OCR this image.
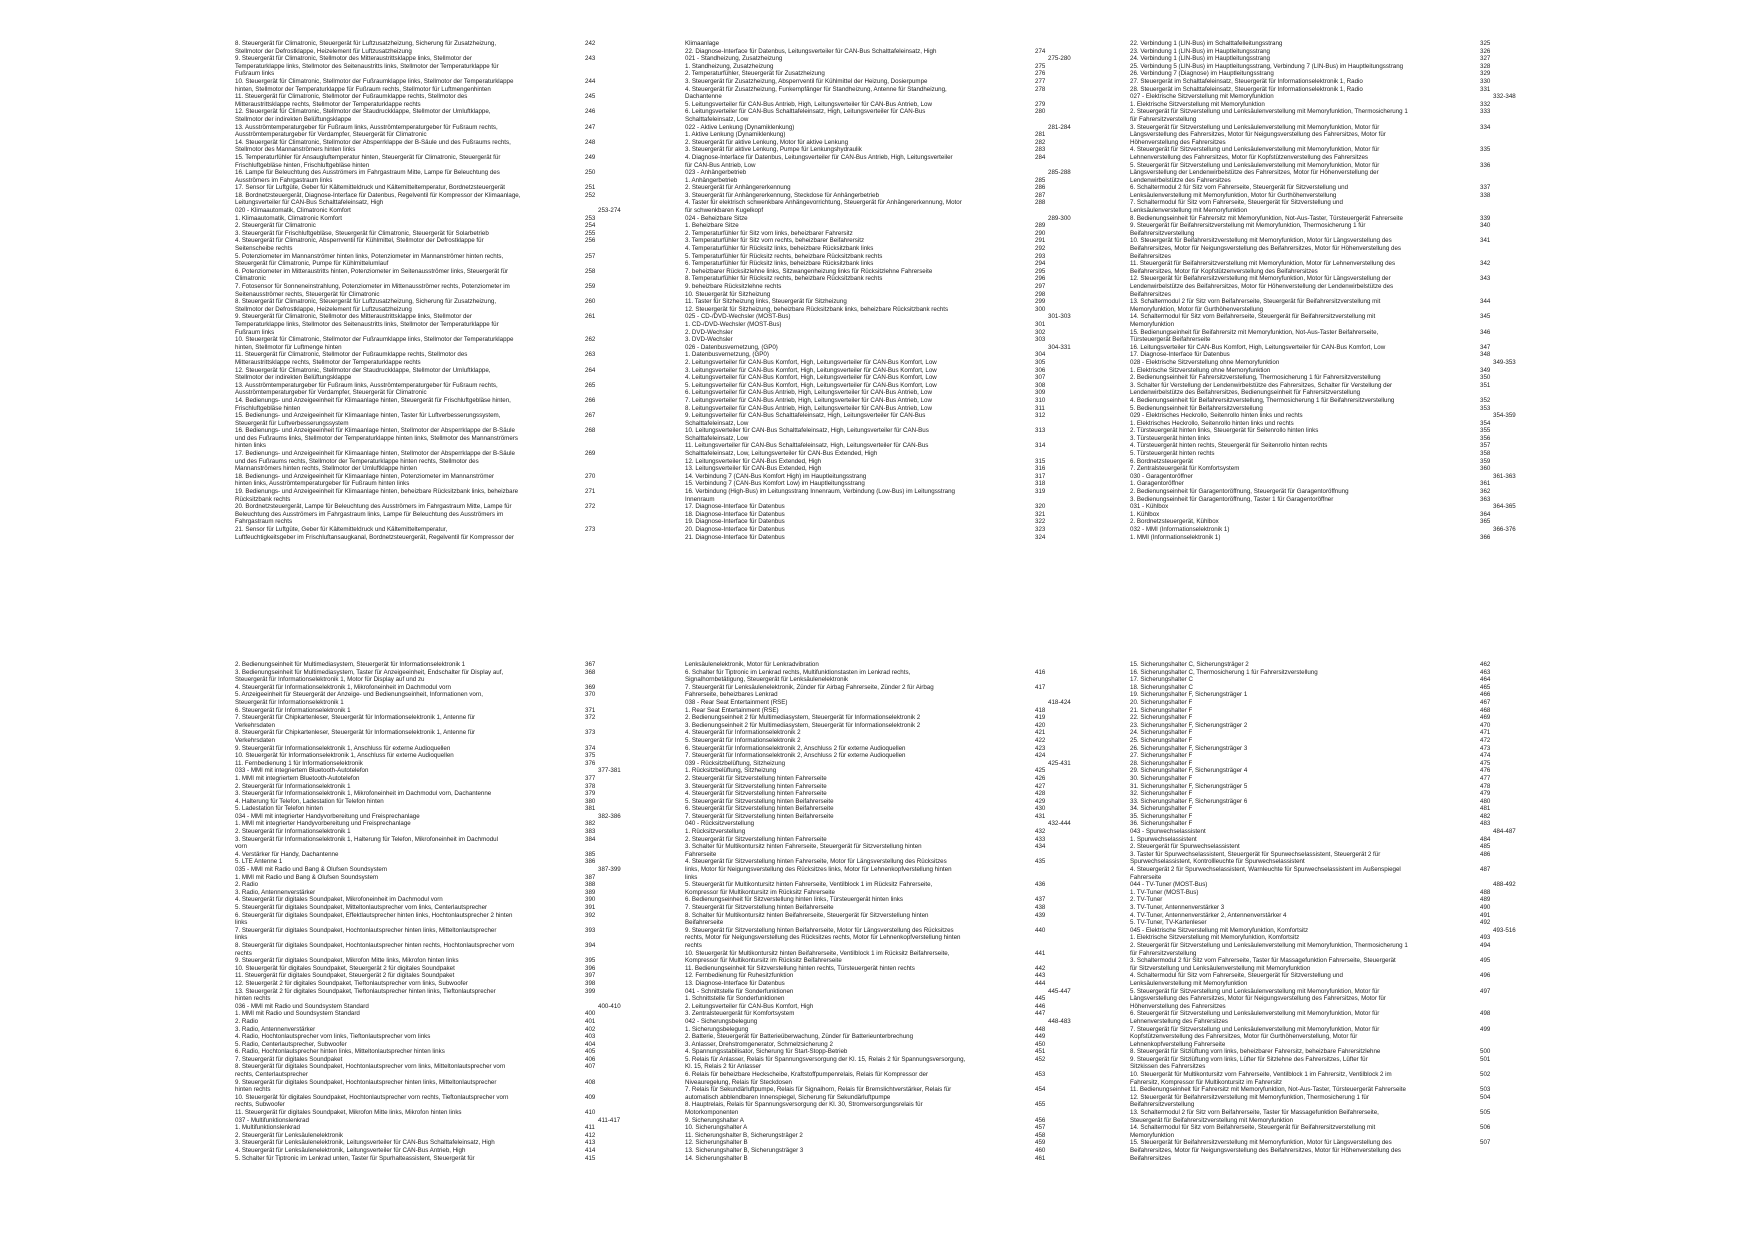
8. Steuergerät für Climatronic, Steuergerät für Luftzusatzheizung, Sicherung für Zusatzheizung,	242
Stellmotor der Defrostklappe, Heizelement für Luftzusatzheizung
9. Steuergerät für Climatronic, Stellmotor des Mitteraustrittsklappe links, Stellmotor der	243
Temperaturklappe links, Stellmotor des Seitenaustritts links, Stellmotor der Temperaturklappe für
Fußraum links
10. Steuergerät für Climatronic, Stellmotor der Fußraumklappe links, Stellmotor der Temperaturklappe	244
hinten, Stellmotor der Temperaturklappe für Fußraum rechts, Stellmotor für Luftmengenhinten
11. Steuergerät für Climatronic, Stellmotor der Fußraumklappe rechts, Stellmotor des	245
Mitteraustrittsklappe rechts, Stellmotor der Temperaturklappe rechts
12. Steuergerät für Climatronic, Stellmotor der Staudruckklappe, Stellmotor der Umluftklappe,	246
Stellmotor der indirekten Belüftungsklappe
13. Ausströmtemperaturgeber für Fußraum links, Ausströmtemperaturgeber für Fußraum rechts,	247
Ausströmtemperaturgeber für Verdampfer, Steuergerät für Climatronic
14. Steuergerät für Climatronic, Stellmotor der Absperrklappe der B-Säule und des Fußraums rechts,	248
Stellmotor des Mannanströmers hinten links
15. Temperaturfühler für Ansaugluftemperatur hinten, Steuergerät für Climatronic, Steuergerät für	249
Frischluftgebläse hinten, Frischluftgebläse hinten
16. Lampe für Beleuchtung des Ausströmers im Fahrgastraum Mitte, Lampe für Beleuchtung des	250
Ausströmers im Fahrgastraum links
17. Sensor für Luftgüte, Geber für Kältemitteldruck und Kältemitteltemperatur, Bordnetzsteuergerät	251
18. Bordnetzsteuergerät, Diagnose-Interface für Datenbus, Regelventil für Kompressor der Klimaanlage,	252
Leitungsverteiler für CAN-Bus Schalttafeleinsatz, High
020 - Klimaautomatik, Climatronic Komfort	253-274
1. Klimaautomatik, Climatronic Komfort	253
2. Steuergerät für Climatronic	254
3. Steuergerät für Frischluftgebläse, Steuergerät für Climatronic, Steuergerät für Solarbetrieb	255
4. Steuergerät für Climatronic, Absperrventil für Kühlmittel, Stellmotor der Defrostklappe für	256
Seitenscheibe rechts
5. Potenziometer im Mannanströmer hinten links, Potenziometer im Mannanströmer hinten rechts,	257
Steuergerät für Climatronic, Pumpe für Kühlmittelumlauf
6. Potenziometer im Mitteraustritts hinten, Potenziometer im Seitenausströmer links, Steuergerät für	258
Climatronic
7. Fotosensor für Sonneneinstrahlung, Potenziometer im Mittenausströmer rechts, Potenziometer im	259
Seitenausströmer rechts, Steuergerät für Climatronic
8. Steuergerät für Climatronic, Steuergerät für Luftzusatzheizung, Sicherung für Zusatzheizung,	260
Stellmotor der Defrostklappe, Heizelement für Luftzusatzheizung
9. Steuergerät für Climatronic, Stellmotor des Mitteraustrittsklappe links, Stellmotor der	261
Temperaturklappe links, Stellmotor des Seitenaustritts links, Stellmotor der Temperaturklappe für
Fußraum links
10. Steuergerät für Climatronic, Stellmotor der Fußraumklappe links, Stellmotor der Temperaturklappe	262
hinten, Stellmotor für Luftmenge hinten
11. Steuergerät für Climatronic, Stellmotor der Fußraumklappe rechts, Stellmotor des	263
Mitteraustrittsklappe rechts, Stellmotor der Temperaturklappe rechts
12. Steuergerät für Climatronic, Stellmotor der Staudruckklappe, Stellmotor der Umluftklappe,	264
Stellmotor der indirekten Belüftungsklappe
13. Ausströmtemperaturgeber für Fußraum links, Ausströmtemperaturgeber für Fußraum rechts,	265
Ausströmtemperaturgeber für Verdampfer, Steuergerät für Climatronic
14. Bedienungs- und Anzeigeeinheit für Klimaanlage hinten, Steuergerät für Frischluftgebläse hinten,	266
Frischluftgebläse hinten
15. Bedienungs- und Anzeigeeinheit für Klimaanlage hinten, Taster für Luftverbesserungssystem,	267
Steuergerät für Luftverbesserungssystem
16. Bedienungs- und Anzeigeeinheit für Klimaanlage hinten, Stellmotor der Absperrklappe der B-Säule	268
und des Fußraums links, Stellmotor der Temperaturklappe hinten links, Stellmotor des Mannanströmers
hinten links
17. Bedienungs- und Anzeigeeinheit für Klimaanlage hinten, Stellmotor der Absperrklappe der B-Säule	269
und des Fußraums rechts, Stellmotor der Temperaturklappe hinten rechts, Stellmotor des
Mannanströmers hinten rechts, Stellmotor der Umluftklappe hinten
18. Bedienungs- und Anzeigeeinheit für Klimaanlage hinten, Potenziometer im Mannanströmer	270
hinten links, Ausströmtemperaturgeber für Fußraum hinten links
19. Bedienungs- und Anzeigeeinheit für Klimaanlage hinten, beheizbare Rücksitzbank links, beheizbare	271
Rücksitzbank rechts
20. Bordnetzsteuergerät, Lampe für Beleuchtung des Ausströmers im Fahrgastraum Mitte, Lampe für	272
Beleuchtung des Ausströmers im Fahrgastraum links, Lampe für Beleuchtung des Ausströmers im
Fahrgastraum rechts
21. Sensor für Luftgüte, Geber für Kältemitteldruck und Kältemitteltemperatur,	273
Luftfeuchtigkeitsgeber im Frischluftansaugkanal, Bordnetzsteuergerät, Regelventil für Kompressor der
Klimaanlage
22. Diagnose-Interface für Datenbus, Leitungsverteiler für CAN-Bus Schalttafeleinsatz, High	274
021 - Standheizung, Zusatzheizung	275-280
1. Standheizung, Zusatzheizung	275
2. Temperaturfühler, Steuergerät für Zusatzheizung	276
3. Steuergerät für Zusatzheizung, Absperrventil für Kühlmittel der Heizung, Dosierpumpe	277
4. Steuergerät für Zusatzheizung, Funkempfänger für Standheizung, Antenne für Standheizung,	278
Dachantenne
5. Leitungsverteiler für CAN-Bus Antrieb, High, Leitungsverteiler für CAN-Bus Antrieb, Low	279
6. Leitungsverteiler für CAN-Bus Schalttafeleinsatz, High, Leitungsverteiler für CAN-Bus	280
Schalttafeleinsatz, Low
022 - Aktive Lenkung (Dynamiklenkung)	281-284
1. Aktive Lenkung (Dynamiklenkung)	281
2. Steuergerät für aktive Lenkung, Motor für aktive Lenkung	282
3. Steuergerät für aktive Lenkung, Pumpe für Lenkungshydraulik	283
4. Diagnose-Interface für Datenbus, Leitungsverteiler für CAN-Bus Antrieb, High, Leitungsverteiler	284
für CAN-Bus Antrieb, Low
023 - Anhängerbetrieb	285-288
1. Anhängerbetrieb	285
2. Steuergerät für Anhängererkennung	286
3. Steuergerät für Anhängererkennung, Steckdose für Anhängerbetrieb	287
4. Taster für elektrisch schwenkbare Anhängevorrichtung, Steuergerät für Anhängererkennung, Motor	288
für schwenkbaren Kugelkopf
024 - Beheizbare Sitze	289-300
1. Beheizbare Sitze	289
2. Temperaturfühler für Sitz vorn links, beheizbarer Fahrersitz	290
3. Temperaturfühler für Sitz vorn rechts, beheizbarer Beifahrersitz	291
4. Temperaturfühler für Rücksitz links, beheizbare Rücksitzbank links	292
5. Temperaturfühler für Rücksitz rechts, beheizbare Rücksitzbank rechts	293
6. Temperaturfühler für Rücksitz links, beheizbare Rücksitzbank links	294
7. beheizbarer Rücksitzlehne links, Sitzwangenheizung links für Rücksitzlehne Fahrerseite	295
8. Temperaturfühler für Rücksitz rechts, beheizbare Rücksitzbank rechts	296
9. beheizbare Rücksitzlehne rechts	297
10. Steuergerät für Sitzheizung	298
11. Taster für Sitzheizung links, Steuergerät für Sitzheizung	299
12. Steuergerät für Sitzheizung, beheizbare Rücksitzbank links, beheizbare Rücksitzbank rechts	300
025 - CD-/DVD-Wechsler (MOST-Bus)	301-303
1. CD-/DVD-Wechsler (MOST-Bus)	301
2. DVD-Wechsler	302
3. DVD-Wechsler	303
026 - Datenbusvernetzung, (GP0)	304-331
1. Datenbusvernetzung, (GP0)	304
2. Leitungsverteiler für CAN-Bus Komfort, High, Leitungsverteiler für CAN-Bus Komfort, Low	305
3. Leitungsverteiler für CAN-Bus Komfort, High, Leitungsverteiler für CAN-Bus Komfort, Low	306
4. Leitungsverteiler für CAN-Bus Komfort, High, Leitungsverteiler für CAN-Bus Komfort, Low	307
5. Leitungsverteiler für CAN-Bus Komfort, High, Leitungsverteiler für CAN-Bus Komfort, Low	308
6. Leitungsverteiler für CAN-Bus Antrieb, High, Leitungsverteiler für CAN-Bus Antrieb, Low	309
7. Leitungsverteiler für CAN-Bus Antrieb, High, Leitungsverteiler für CAN-Bus Antrieb, Low	310
8. Leitungsverteiler für CAN-Bus Antrieb, High, Leitungsverteiler für CAN-Bus Antrieb, Low	311
9. Leitungsverteiler für CAN-Bus Schalttafeleinsatz, High, Leitungsverteiler für CAN-Bus	312
Schalttafeleinsatz, Low
10. Leitungsverteiler für CAN-Bus Schalttafeleinsatz, High, Leitungsverteiler für CAN-Bus	313
Schalttafeleinsatz, Low
11. Leitungsverteiler für CAN-Bus Schalttafeleinsatz, High, Leitungsverteiler für CAN-Bus	314
Schalttafeleinsatz, Low, Leitungsverteiler für CAN-Bus Extended, High
12. Leitungsverteiler für CAN-Bus Extended, High	315
13. Leitungsverteiler für CAN-Bus Extended, High	316
14. Verbindung 7 (CAN-Bus Komfort High) im Hauptleitungsstrang	317
15. Verbindung 7 (CAN-Bus Komfort Low) im Hauptleitungsstrang	318
16. Verbindung (High-Bus) im Leitungsstrang Innenraum, Verbindung (Low-Bus) im Leitungsstrang	319
Innenraum
17. Diagnose-Interface für Datenbus	320
18. Diagnose-Interface für Datenbus	321
19. Diagnose-Interface für Datenbus	322
20. Diagnose-Interface für Datenbus	323
21. Diagnose-Interface für Datenbus	324
22. Verbindung 1 (LIN-Bus) im Schalttafelleitungsstrang	325
23. Verbindung 1 (LIN-Bus) im Hauptleitungsstrang	326
24. Verbindung 1 (LIN-Bus) im Hauptleitungsstrang	327
25. Verbindung 5 (LIN-Bus) im Hauptleitungsstrang, Verbindung 7 (LIN-Bus) im Hauptleitungsstrang	328
26. Verbindung 7 (Diagnose) im Hauptleitungsstrang	329
27. Steuergerät im Schalttafeleinsatz, Steuergerät für Informationselektronik 1, Radio	330
28. Steuergerät im Schalttafeleinsatz, Steuergerät für Informationselektronik 1, Radio	331
027 - Elektrische Sitzverstellung mit Memoryfunktion	332-348
1. Elektrische Sitzverstellung mit Memoryfunktion	332
2. Steuergerät für Sitzverstellung und Lenksäulenverstellung mit Memoryfunktion, Thermosicherung 1	333
für Fahrersitzverstellung
3. Steuergerät für Sitzverstellung und Lenksäulenverstellung mit Memoryfunktion, Motor für	334
Längsverstellung des Fahrersitzes, Motor für Neigungsverstellung des Fahrersitzes, Motor für
Höhenverstellung des Fahrersitzes
4. Steuergerät für Sitzverstellung und Lenksäulenverstellung mit Memoryfunktion, Motor für	335
Lehnenverstellung des Fahrersitzes, Motor für Kopfstützenverstellung des Fahrersitzes
5. Steuergerät für Sitzverstellung und Lenksäulenverstellung mit Memoryfunktion, Motor für	336
Längsverstellung der Lendenwirbelstütze des Fahrersitzes, Motor für Höhenverstellung der
Lendenwirbelstütze des Fahrersitzes
6. Schaltermodul 2 für Sitz vorn Fahrerseite, Steuergerät für Sitzverstellung und	337
Lenksäulenverstellung mit Memoryfunktion, Motor für Gurthöhenverstellung	338
7. Schaltermodul für Sitz vorn Fahrerseite, Steuergerät für Sitzverstellung und
Lenksäulenverstellung mit Memoryfunktion
8. Bedienungseinheit für Fahrersitz mit Memoryfunktion, Not-Aus-Taster, Türsteuergerät Fahrerseite	339
9. Steuergerät für Beifahrersitzverstellung mit Memoryfunktion, Thermosicherung 1 für	340
Beifahrersitzverstellung
10. Steuergerät für Beifahrersitzverstellung mit Memoryfunktion, Motor für Längsverstellung des	341
Beifahrersitzes, Motor für Neigungsverstellung des Beifahrersitzes, Motor für Höhenverstellung des
Beifahrersitzes
11. Steuergerät für Beifahrersitzverstellung mit Memoryfunktion, Motor für Lehnenverstellung des	342
Beifahrersitzes, Motor für Kopfstützenverstellung des Beifahrersitzes
12. Steuergerät für Beifahrersitzverstellung mit Memoryfunktion, Motor für Längsverstellung der	343
Lendenwirbelstütze des Beifahrersitzes, Motor für Höhenverstellung der Lendenwirbelstütze des
Beifahrersitzes
13. Schaltermodul 2 für Sitz vorn Beifahrerseite, Steuergerät für Beifahrersitzverstellung mit	344
Memoryfunktion, Motor für Gurthöhenverstellung
14. Schaltermodul für Sitz vorn Beifahrerseite, Steuergerät für Beifahrersitzverstellung mit	345
Memoryfunktion
15. Bedienungseinheit für Beifahrersitz mit Memoryfunktion, Not-Aus-Taster Beifahrerseite,	346
Türsteuergerät Beifahrerseite
16. Leitungsverteiler für CAN-Bus Komfort, High, Leitungsverteiler für CAN-Bus Komfort, Low	347
17. Diagnose-Interface für Datenbus	348
028 - Elektrische Sitzverstellung ohne Memoryfunktion	349-353
1. Elektrische Sitzverstellung ohne Memoryfunktion	349
2. Bedienungseinheit für Fahrersitzverstellung, Thermosicherung 1 für Fahrersitzverstellung	350
3. Schalter für Verstellung der Lendenwirbelstütze des Fahrersitzes, Schalter für Verstellung der	351
Lendenwirbelstütze des Beifahrersitzes, Bedienungseinheit für Fahrersitzverstellung
4. Bedienungseinheit für Beifahrersitzverstellung, Thermosicherung 1 für Beifahrersitzverstellung	352
5. Bedienungseinheit für Beifahrersitzverstellung	353
029 - Elektrisches Heckrollo, Seitenrollo hinten links und rechts	354-359
1. Elektrisches Heckrollo, Seitenrollo hinten links und rechts	354
2. Türsteuergerät hinten links, Steuergerät für Seitenrollo hinten links	355
3. Türsteuergerät hinten links	356
4. Türsteuergerät hinten rechts, Steuergerät für Seitenrollo hinten rechts	357
5. Türsteuergerät hinten rechts	358
6. Bordnetzsteuergerät	359
7. Zentralsteuergerät für Komfortsystem	360
030 - Garagentoröffner	361-363
1. Garagentoröffner	361
2. Bedienungseinheit für Garagentoröffnung, Steuergerät für Garagentoröffnung	362
3. Bedienungseinheit für Garagentoröffnung, Taster 1 für Garagentoröffner	363
031 - Kühlbox	364-365
1. Kühlbox	364
2. Bordnetzsteuergerät, Kühlbox	365
032 - MMI (Informationselektronik 1)	366-376
1. MMI (Informationselektronik 1)	366
2. Bedienungseinheit für Multimediasystem, Steuergerät für Informationselektronik 1	367
3. Bedienungseinheit für Multimediasystem, Taster für Anzeigeeinheit, Endschalter für Display auf,	368
Steuergerät für Informationselektronik 1, Motor für Display auf und zu
4. Steuergerät für Informationselektronik 1, Mikrofoneinheit im Dachmodul vorn	369
5. Anzeigeeinheit für Steuergerät der Anzeige- und Bedienungseinheit, Informationen vorn,	370
Steuergerät für Informationselektronik 1
6. Steuergerät für Informationselektronik 1	371
7. Steuergerät für Chipkartenleser, Steuergerät für Informationselektronik 1, Antenne für	372
Verkehrsdaten
8. Steuergerät für Chipkartenleser, Steuergerät für Informationselektronik 1, Antenne für	373
Verkehrsdaten
9. Steuergerät für Informationselektronik 1, Anschluss für externe Audioquellen	374
10. Steuergerät für Informationselektronik 1, Anschluss für externe Audioquellen	375
11. Fernbedienung 1 für Informationselektronik	376
033 - MMI mit integriertem Bluetooth-Autotelefon	377-381
1. MMI mit integriertem Bluetooth-Autotelefon	377
2. Steuergerät für Informationselektronik 1	378
3. Steuergerät für Informationselektronik 1, Mikrofoneinheit im Dachmodul vorn, Dachantenne	379
4. Halterung für Telefon, Ladestation für Telefon hinten	380
5. Ladestation für Telefon hinten	381
034 - MMI mit integrierter Handyvorbereitung und Freisprechanlage	382-386
1. MMI mit integrierter Handyvorbereitung und Freisprechanlage	382
2. Steuergerät für Informationselektronik 1	383
3. Steuergerät für Informationselektronik 1, Halterung für Telefon, Mikrofoneinheit im Dachmodul	384
vorn
4. Verstärker für Handy, Dachantenne	385
5. LTE Antenne 1	386
035 - MMI mit Radio und Bang & Olufsen Soundsystem	387-399
1. MMI mit Radio und Bang & Olufsen Soundsystem	387
2. Radio	388
3. Radio, Antennenverstärker	389
4. Steuergerät für digitales Soundpaket, Mikrofoneinheit im Dachmodul vorn	390
5. Steuergerät für digitales Soundpaket, Mitteltonlautsprecher vorn links, Centerlautsprecher	391
6. Steuergerät für digitales Soundpaket, Effektlautsprecher hinten links, Hochtonlautsprecher 2 hinten	392
links
7. Steuergerät für digitales Soundpaket, Hochtonlautsprecher hinten links, Mitteltonlautsprecher	393
links
8. Steuergerät für digitales Soundpaket, Hochtonlautsprecher hinten rechts, Hochtonlautsprecher vorn	394
rechts
9. Steuergerät für digitales Soundpaket, Mikrofon Mitte links, Mikrofon hinten links	395
10. Steuergerät für digitales Soundpaket, Steuergerät 2 für digitales Soundpaket	396
11. Steuergerät für digitales Soundpaket, Steuergerät 2 für digitales Soundpaket	397
12. Steuergerät 2 für digitales Soundpaket, Tieftonlautsprecher vorn links, Subwoofer	398
13. Steuergerät 2 für digitales Soundpaket, Tieftonlautsprecher hinten links, Tieftonlautsprecher	399
hinten rechts
036 - MMI mit Radio und Soundsystem Standard	400-410
1. MMI mit Radio und Soundsystem Standard	400
2. Radio	401
3. Radio, Antennenverstärker	402
4. Radio, Hochtonlautsprecher vorn links, Tieftonlautsprecher vorn links	403
5. Radio, Centerlautsprecher, Subwoofer	404
6. Radio, Hochtonlautsprecher hinten links, Mitteltonlautsprecher hinten links	405
7. Steuergerät für digitales Soundpaket	406
8. Steuergerät für digitales Soundpaket, Hochtonlautsprecher vorn links, Mitteltonlautsprecher vorn	407
rechts, Centerlautsprecher
9. Steuergerät für digitales Soundpaket, Hochtonlautsprecher hinten links, Mitteltonlautsprecher	408
hinten rechts
10. Steuergerät für digitales Soundpaket, Hochtonlautsprecher vorn rechts, Tieftonlautsprecher vorn	409
rechts, Subwoofer
11. Steuergerät für digitales Soundpaket, Mikrofon Mitte links, Mikrofon hinten links	410
037 - Multifunktionslenkrad	411-417
1. Multifunktionslenkrad	411
2. Steuergerät für Lenksäulenelektronik	412
3. Steuergerät für Lenksäulenelektronik, Leitungsverteiler für CAN-Bus Schalttafeleinsatz, High	413
4. Steuergerät für Lenksäulenelektronik, Leitungsverteiler für CAN-Bus Antrieb, High	414
5. Schalter für Tiptronic im Lenkrad unten, Taster für Spurhalteassistent, Steuergerät für	415
Lenksäulenelektronik, Motor für Lenkradvibration
6. Schalter für Tiptronic im Lenkrad rechts, Multifunktionstasten im Lenkrad rechts,	416
Signalhornbetätigung, Steuergerät für Lenksäulenelektronik
7. Steuergerät für Lenksäulenelektronik, Zünder für Airbag Fahrerseite, Zünder 2 für Airbag	417
Fahrerseite, beheizbares Lenkrad
038 - Rear Seat Entertainment (RSE)	418-424
1. Rear Seat Entertainment (RSE)	418
2. Bedienungseinheit 2 für Multimediasystem, Steuergerät für Informationselektronik 2	419
3. Bedienungseinheit 2 für Multimediasystem, Steuergerät für Informationselektronik 2	420
4. Steuergerät für Informationselektronik 2	421
5. Steuergerät für Informationselektronik 2	422
6. Steuergerät für Informationselektronik 2, Anschluss 2 für externe Audioquellen	423
7. Steuergerät für Informationselektronik 2, Anschluss 2 für externe Audioquellen	424
039 - Rücksitzbelüftung, Sitzheizung	425-431
1. Rücksitzbelüftung, Sitzheizung	425
2. Steuergerät für Sitzverstellung hinten Fahrerseite	426
3. Steuergerät für Sitzverstellung hinten Fahrerseite	427
4. Steuergerät für Sitzverstellung hinten Fahrerseite	428
5. Steuergerät für Sitzverstellung hinten Beifahrerseite	429
6. Steuergerät für Sitzverstellung hinten Beifahrerseite	430
7. Steuergerät für Sitzverstellung hinten Beifahrerseite	431
040 - Rücksitzverstellung	432-444
1. Rücksitzverstellung	432
2. Steuergerät für Sitzverstellung hinten Fahrerseite	433
3. Schalter für Multikontursitz hinten Fahrerseite, Steuergerät für Sitzverstellung hinten	434
Fahrerseite
4. Steuergerät für Sitzverstellung hinten Fahrerseite, Motor für Längsverstellung des Rücksitzes	435
links, Motor für Neigungsverstellung des Rücksitzes links, Motor für Lehnenkopfverstellung hinten
links
5. Steuergerät für Multikontursitz hinten Fahrerseite, Ventilblock 1 im Rücksitz Fahrerseite,	436
Kompressor für Multikontursitz im Rücksitz Fahrerseite
6. Bedienungseinheit für Sitzverstellung hinten links, Türsteuergerät hinten links	437
7. Steuergerät für Sitzverstellung hinten Beifahrerseite	438
8. Schalter für Multikontursitz hinten Beifahrerseite, Steuergerät für Sitzverstellung hinten	439
Beifahrerseite
9. Steuergerät für Sitzverstellung hinten Beifahrerseite, Motor für Längsverstellung des Rücksitzes	440
rechts, Motor für Neigungsverstellung des Rücksitzes rechts, Motor für Lehnenkopfverstellung hinten
rechts
10. Steuergerät für Multikontursitz hinten Beifahrerseite, Ventilblock 1 im Rücksitz Beifahrerseite,	441
Kompressor für Multikontursitz im Rücksitz Beifahrerseite
11. Bedienungseinheit für Sitzverstellung hinten rechts, Türsteuergerät hinten rechts	442
12. Fernbedienung für Ruhesitzfunktion	443
13. Diagnose-Interface für Datenbus	444
041 - Schnittstelle für Sonderfunktionen	445-447
1. Schnittstelle für Sonderfunktionen	445
2. Leitungsverteiler für CAN-Bus Komfort, High	446
3. Zentralsteuergerät für Komfortsystem	447
042 - Sicherungsbelegung	448-483
1. Sicherungsbelegung	448
2. Batterie, Steuergerät für Batterieüberwachung, Zünder für Batterieunterbrechung	449
3. Anlasser, Drehstromgenerator, Schmelzsicherung 2	450
4. Spannungsstabilisator, Sicherung für Start-Stopp-Betrieb	451
5. Relais für Anlasser, Relais für Spannungsversorgung der Kl. 15, Relais 2 für Spannungsversorgung,	452
Kl. 15, Relais 2 für Anlasser
6. Relais für beheizbare Heckscheibe, Kraftstoffpumpenrelais, Relais für Kompressor der	453
Niveauregelung, Relais für Steckdosen
7. Relais für Sekundärluftpumpe, Relais für Signalhorn, Relais für Bremslichtverstärker, Relais für	454
automatisch abblendbaren Innenspiegel, Sicherung für Sekundärluftpumpe
8. Hauptrelais, Relais für Spannungsversorgung der Kl. 30, Stromversorgungsrelais für	455
Motorkomponenten
9. Sicherungshalter A	456
10. Sicherungshalter A	457
11. Sicherungshalter B, Sicherungsträger 2	458
12. Sicherungshalter B	459
13. Sicherungshalter B, Sicherungsträger 3	460
14. Sicherungshalter B	461
15. Sicherungshalter C, Sicherungsträger 2	462
16. Sicherungshalter C, Thermosicherung 1 für Fahrersitzverstellung	463
17. Sicherungshalter C	464
18. Sicherungshalter C	465
19. Sicherungshalter F, Sicherungsträger 1	466
20. Sicherungshalter F	467
21. Sicherungshalter F	468
22. Sicherungshalter F	469
23. Sicherungshalter F, Sicherungsträger 2	470
24. Sicherungshalter F	471
25. Sicherungshalter F	472
26. Sicherungshalter F, Sicherungsträger 3	473
27. Sicherungshalter F	474
28. Sicherungshalter F	475
29. Sicherungshalter F, Sicherungsträger 4	476
30. Sicherungshalter F	477
31. Sicherungshalter F, Sicherungsträger 5	478
32. Sicherungshalter F	479
33. Sicherungshalter F, Sicherungsträger 6	480
34. Sicherungshalter F	481
35. Sicherungshalter F	482
36. Sicherungshalter F	483
043 - Spurwechselassistent	484-487
1. Spurwechselassistent	484
2. Steuergerät für Spurwechselassistent	485
3. Taster für Spurwechselassistent, Steuergerät für Spurwechselassistent, Steuergerät 2 für	486
Spurwechselassistent, Kontrollleuchte für Spurwechselassistent
4. Steuergerät 2 für Spurwechselassistent, Warnleuchte für Spurwechselassistent im Außenspiegel	487
Fahrerseite
044 - TV-Tuner (MOST-Bus)	488-492
1. TV-Tuner (MOST-Bus)	488
2. TV-Tuner	489
3. TV-Tuner, Antennenverstärker 3	490
4. TV-Tuner, Antennenverstärker 2, Antennenverstärker 4	491
5. TV-Tuner, TV-Kartenleser	492
045 - Elektrische Sitzverstellung mit Memoryfunktion, Komfortsitz	493-516
1. Elektrische Sitzverstellung mit Memoryfunktion, Komfortsitz	493
2. Steuergerät für Sitzverstellung und Lenksäulenverstellung mit Memoryfunktion, Thermosicherung 1	494
für Fahrersitzverstellung
3. Schaltermodul 2 für Sitz vorn Fahrerseite, Taster für Massagefunktion Fahrerseite, Steuergerät	495
für Sitzverstellung und Lenksäulenverstellung mit Memoryfunktion
4. Schaltermodul für Sitz vorn Fahrerseite, Steuergerät für Sitzverstellung und	496
Lenksäulenverstellung mit Memoryfunktion
5. Steuergerät für Sitzverstellung und Lenksäulenverstellung mit Memoryfunktion, Motor für	497
Längsverstellung des Fahrersitzes, Motor für Neigungsverstellung des Fahrersitzes, Motor für
Höhenverstellung des Fahrersitzes
6. Steuergerät für Sitzverstellung und Lenksäulenverstellung mit Memoryfunktion, Motor für	498
Lehnenverstellung des Fahrersitzes
7. Steuergerät für Sitzverstellung und Lenksäulenverstellung mit Memoryfunktion, Motor für	499
Kopfstützenverstellung des Fahrersitzes, Motor für Gurthöhenverstellung, Motor für
Lehnenkopfverstellung Fahrerseite
8. Steuergerät für Sitzlüftung vorn links, beheizbarer Fahrersitz, beheizbare Fahrersitzlehne	500
9. Steuergerät für Sitzlüftung vorn links, Lüfter für Sitzlehne des Fahrersitzes, Lüfter für	501
Sitzkissen des Fahrersitzes
10. Steuergerät für Multikontursitz vorn Fahrerseite, Ventilblock 1 im Fahrersitz, Ventilblock 2 im	502
Fahrersitz, Kompressor für Multikontursitz im Fahrersitz
11. Bedienungseinheit für Fahrersitz mit Memoryfunktion, Not-Aus-Taster, Türsteuergerät Fahrerseite	503
12. Steuergerät für Beifahrersitzverstellung mit Memoryfunktion, Thermosicherung 1 für	504
Beifahrersitzverstellung
13. Schaltermodul 2 für Sitz vorn Beifahrerseite, Taster für Massagefunktion Beifahrerseite,	505
Steuergerät für Beifahrersitzverstellung mit Memoryfunktion
14. Schaltermodul für Sitz vorn Beifahrerseite, Steuergerät für Beifahrersitzverstellung mit	506
Memoryfunktion
15. Steuergerät für Beifahrersitzverstellung mit Memoryfunktion, Motor für Längsverstellung des	507
Beifahrersitzes, Motor für Neigungsverstellung des Beifahrersitzes, Motor für Höhenverstellung des
Beifahrersitzes
